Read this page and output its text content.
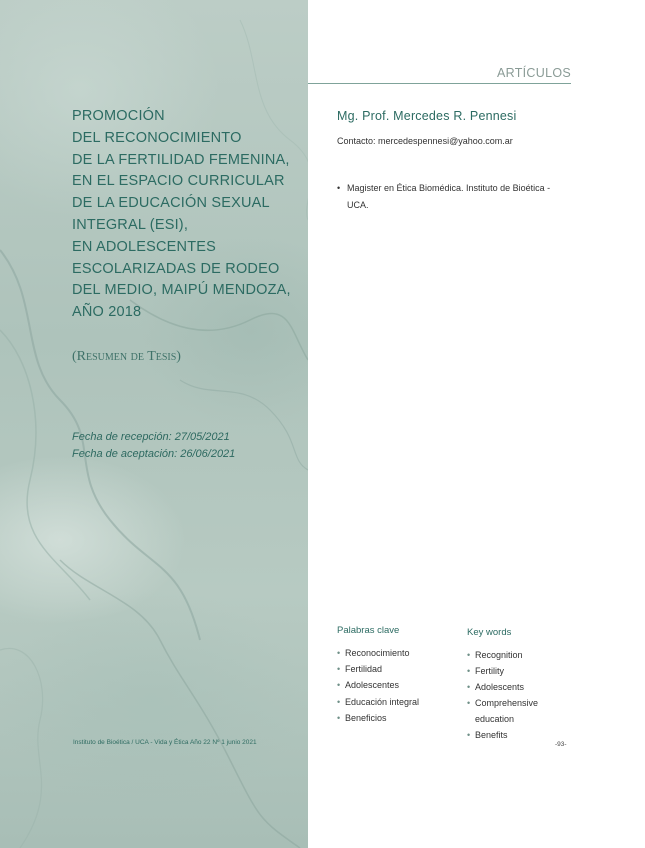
PROMOCIÓN
DEL RECONOCIMIENTO
DE LA FERTILIDAD FEMENINA,
EN EL ESPACIO CURRICULAR
DE LA EDUCACIÓN SEXUAL
INTEGRAL (ESI),
EN ADOLESCENTES
ESCOLARIZADAS DE RODEO
DEL MEDIO, MAIPÚ MENDOZA,
AÑO 2018
(Resumen de Tesis)
Fecha de recepción: 27/05/2021
Fecha de aceptación: 26/06/2021
Instituto de Bioética / UCA - Vida y Ética Año 22 Nº 1 junio 2021
ARTÍCULOS
Mg. Prof. Mercedes R. Pennesi
Contacto: mercedespennesi@yahoo.com.ar
• Magister en Ética Biomédica. Instituto de Bioética - UCA.
Palabras clave
• Reconocimiento
• Fertilidad
• Adolescentes
• Educación integral
• Beneficios
Key words
• Recognition
• Fertility
• Adolescents
• Comprehensive education
• Benefits
-93-
